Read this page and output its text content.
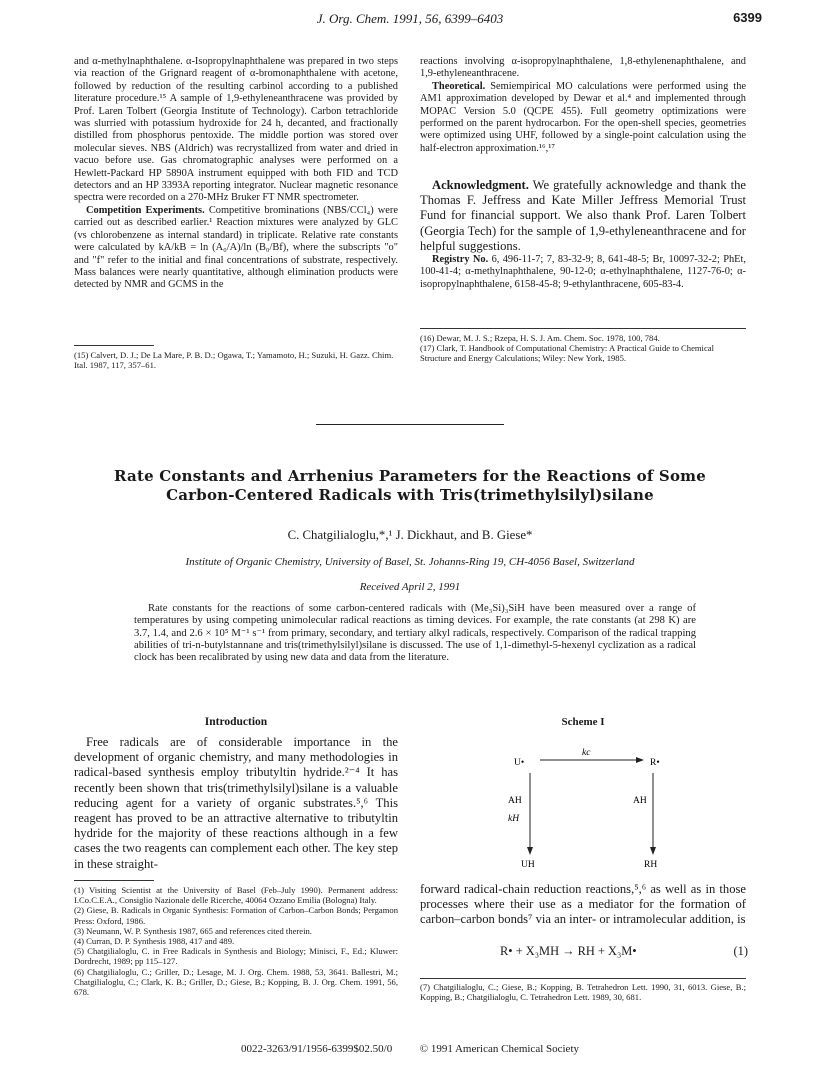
J. Org. Chem. 1991, 56, 6399–6403	6399

and α-methylnaphthalene. α-Isopropylnaphthalene was prepared in two steps via reaction of the Grignard reagent of α-bromonaphthalene with acetone, followed by reduction of the resulting carbinol according to a published literature procedure.¹⁵ A sample of 1,9-ethyleneanthracene was provided by Prof. Laren Tolbert (Georgia Institute of Technology). Carbon tetrachloride was slurried with potassium hydroxide for 24 h, decanted, and fractionally distilled from phosphorus pentoxide. The middle portion was stored over molecular sieves. NBS (Aldrich) was recrystallized from water and dried in vacuo before use. Gas chromatographic analyses were performed on a Hewlett-Packard HP 5890A instrument equipped with both FID and TCD detectors and an HP 3393A reporting integrator. Nuclear magnetic resonance spectra were recorded on a 270-MHz Bruker FT NMR spectrometer.

Competition Experiments. Competitive brominations (NBS/CCl₄) were carried out as described earlier.¹ Reaction mixtures were analyzed by GLC (vs chlorobenzene as internal standard) in triplicate. Relative rate constants were calculated by kA/kB = ln (A₀/A)/ln (B₀/Bf), where the subscripts "o" and "f" refer to the initial and final concentrations of substrate, respectively. Mass balances were nearly quantitative, although elimination products were detected by NMR and GCMS in the

(15) Calvert, D. J.; De La Mare, P. B. D.; Ogawa, T.; Yamamoto, H.; Suzuki, H. Gazz. Chim. Ital. 1987, 117, 357–61.

reactions involving α-isopropylnaphthalene, 1,8-ethylenenaphthalene, and 1,9-ethyleneanthracene.

Theoretical. Semiempirical MO calculations were performed using the AM1 approximation developed by Dewar et al.⁴ and implemented through MOPAC Version 5.0 (QCPE 455). Full geometry optimizations were performed on the parent hydrocarbon. For the open-shell species, geometries were optimized using UHF, followed by a single-point calculation using the half-electron approximation.¹⁶,¹⁷

Acknowledgment. We gratefully acknowledge and thank the Thomas F. Jeffress and Kate Miller Jeffress Memorial Trust Fund for financial support. We also thank Prof. Laren Tolbert (Georgia Tech) for the sample of 1,9-ethyleneanthracene and for helpful suggestions.
Registry No. 6, 496-11-7; 7, 83-32-9; 8, 641-48-5; Br, 10097-32-2; PhEt, 100-41-4; α-methylnaphthalene, 90-12-0; α-ethylnaphthalene, 1127-76-0; α-isopropylnaphthalene, 6158-45-8; 9-ethylanthracene, 605-83-4.

(16) Dewar, M. J. S.; Rzepa, H. S. J. Am. Chem. Soc. 1978, 100, 784.

(17) Clark, T. Handbook of Computational Chemistry: A Practical Guide to Chemical Structure and Energy Calculations; Wiley: New York, 1985.

Rate Constants and Arrhenius Parameters for the Reactions of Some
Carbon-Centered Radicals with Tris(trimethylsilyl)silane
C. Chatgilialoglu,*,¹ J. Dickhaut, and B. Giese*
Institute of Organic Chemistry, University of Basel, St. Johanns-Ring 19, CH-4056 Basel, Switzerland
Received April 2, 1991

Rate constants for the reactions of some carbon-centered radicals with (Me₃Si)₃SiH have been measured over a range of temperatures by using competing unimolecular radical reactions as timing devices. For example, the rate constants (at 298 K) are 3.7, 1.4, and 2.6 × 10⁵ M⁻¹ s⁻¹ from primary, secondary, and tertiary alkyl radicals, respectively. Comparison of the radical trapping abilities of tri-n-butylstannane and tris(trimethylsilyl)silane is discussed. The use of 1,1-dimethyl-5-hexenyl cyclization as a radical clock has been recalibrated by using new data and data from the literature.

Introduction
Free radicals are of considerable importance in the development of organic chemistry, and many methodologies in radical-based synthesis employ tributyltin hydride.²⁻⁴ It has recently been shown that tris(trimethylsilyl)silane is a valuable reducing agent for a variety of organic substrates.⁵,⁶ This reagent has proved to be an attractive alternative to tributyltin hydride for the majority of these reactions although in a few cases the two reagents can complement each other. The key step in these straight-

(1) Visiting Scientist at the University of Basel (Feb–July 1990). Permanent address: I.Co.C.E.A., Consiglio Nazionale delle Ricerche, 40064 Ozzano Emilia (Bologna) Italy.

(2) Giese, B. Radicals in Organic Synthesis: Formation of Carbon–Carbon Bonds; Pergamon Press: Oxford, 1986.

(3) Neumann, W. P. Synthesis 1987, 665 and references cited therein.

(4) Curran, D. P. Synthesis 1988, 417 and 489.

(5) Chatgilialoglu, C. in Free Radicals in Synthesis and Biology; Minisci, F., Ed.; Kluwer: Dordrecht, 1989; pp 115–127.

(6) Chatgilialoglu, C.; Griller, D.; Lesage, M. J. Org. Chem. 1988, 53, 3641. Ballestri, M.; Chatgilialoglu, C.; Clark, K. B.; Griller, D.; Giese, B.; Kopping, B. J. Org. Chem. 1991, 56, 678.

Scheme I
U•
kc
R•
AH
kH
AH
UH	RH
forward radical-chain reduction reactions,⁵,⁶ as well as in those processes where their use as a mediator for the formation of carbon–carbon bonds⁷ via an inter- or intramolecular addition, is
R• + X₃MH → RH + X₃M•	(1)

(7) Chatgilialoglu, C.; Giese, B.; Kopping, B. Tetrahedron Lett. 1990, 31, 6013. Giese, B.; Kopping, B.; Chatgilialoglu, C. Tetrahedron Lett. 1989, 30, 681.

0022-3263/91/1956-6399$02.50/0	© 1991 American Chemical Society
